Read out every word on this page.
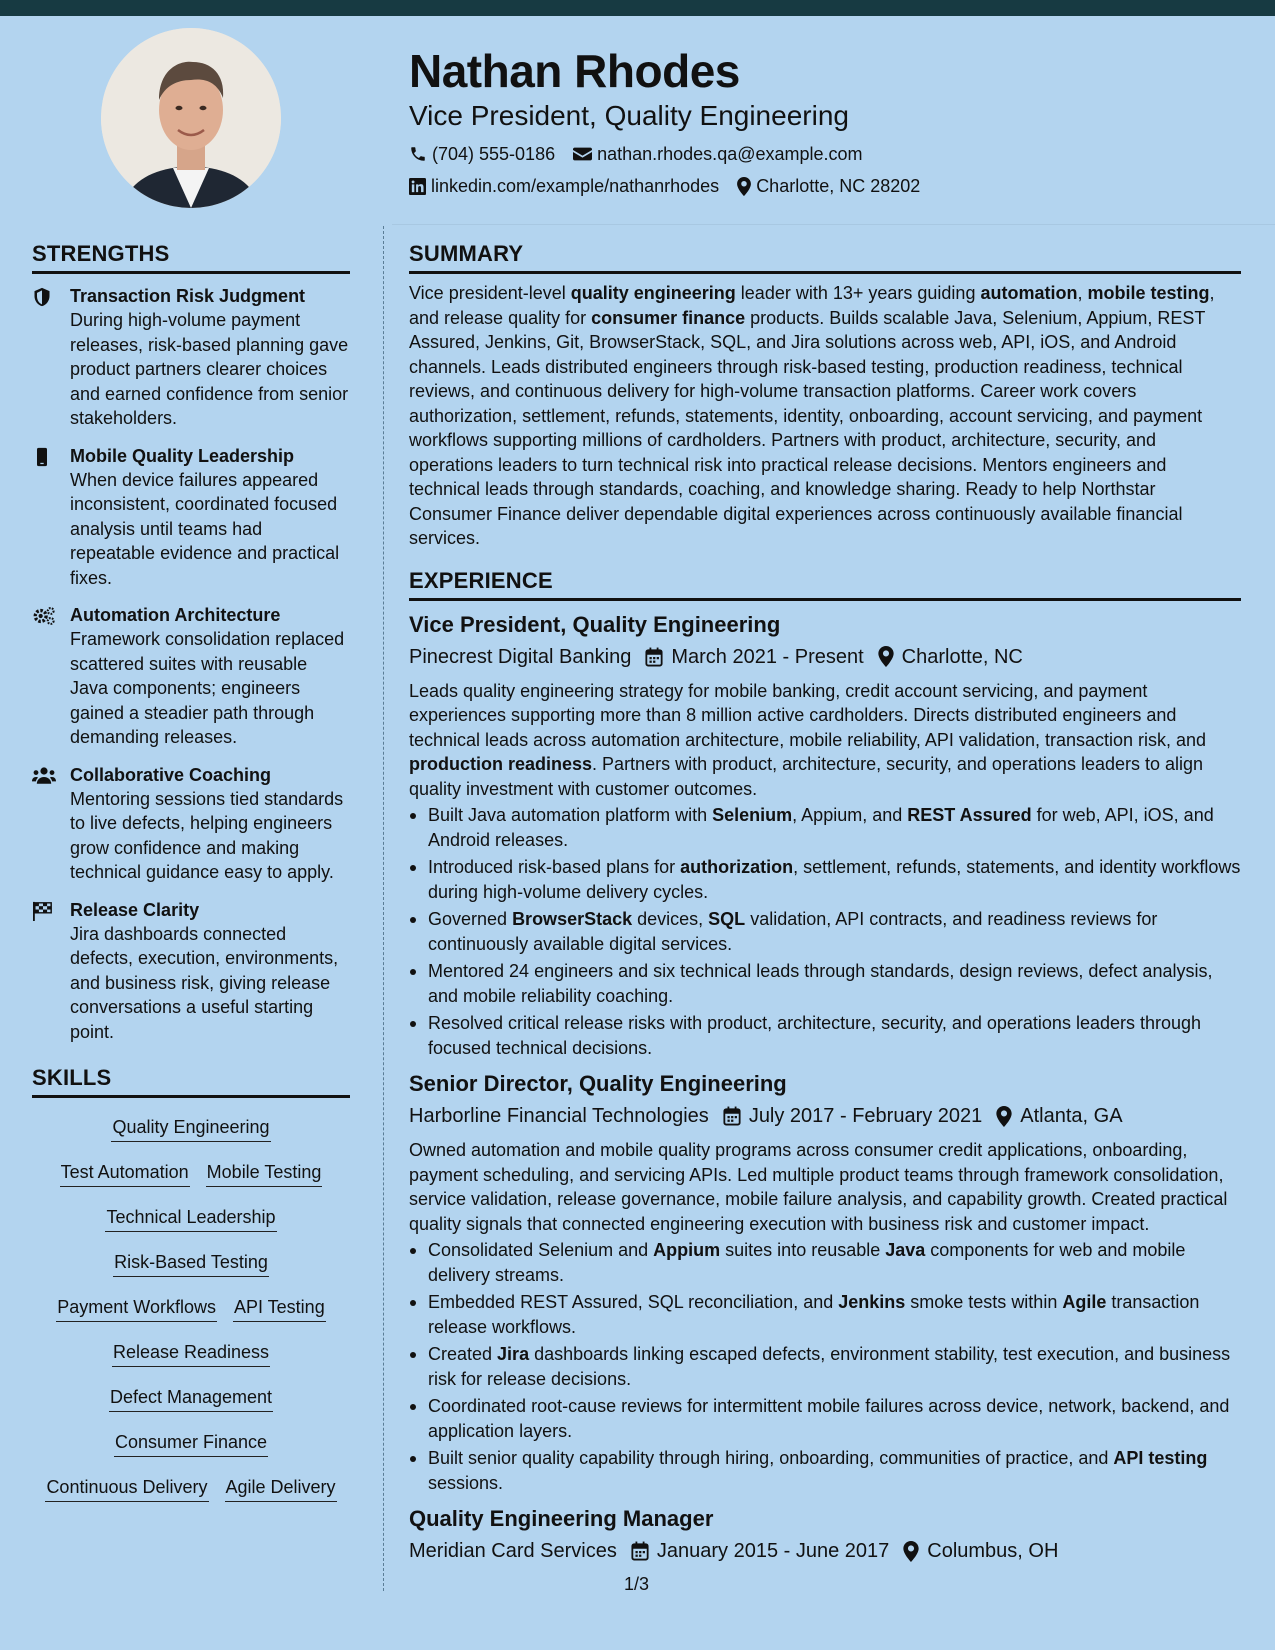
Nathan Rhodes
Vice President, Quality Engineering
(704) 555-0186 nathan.rhodes.qa@example.com
linkedin.com/example/nathanrhodes Charlotte, NC 28202
STRENGTHS
Transaction Risk Judgment
During high-volume payment releases, risk-based planning gave product partners clearer choices and earned confidence from senior stakeholders.
Mobile Quality Leadership
When device failures appeared inconsistent, coordinated focused analysis until teams had repeatable evidence and practical fixes.
Automation Architecture
Framework consolidation replaced scattered suites with reusable Java components; engineers gained a steadier path through demanding releases.
Collaborative Coaching
Mentoring sessions tied standards to live defects, helping engineers grow confidence and making technical guidance easy to apply.
Release Clarity
Jira dashboards connected defects, execution, environments, and business risk, giving release conversations a useful starting point.
SKILLS
Quality Engineering
Test Automation Mobile Testing
Technical Leadership
Risk-Based Testing
Payment Workflows API Testing
Release Readiness
Defect Management
Consumer Finance
Continuous Delivery Agile Delivery
SUMMARY
Vice president-level quality engineering leader with 13+ years guiding automation, mobile testing, and release quality for consumer finance products. Builds scalable Java, Selenium, Appium, REST Assured, Jenkins, Git, BrowserStack, SQL, and Jira solutions across web, API, iOS, and Android channels. Leads distributed engineers through risk-based testing, production readiness, technical reviews, and continuous delivery for high-volume transaction platforms. Career work covers authorization, settlement, refunds, statements, identity, onboarding, account servicing, and payment workflows supporting millions of cardholders. Partners with product, architecture, security, and operations leaders to turn technical risk into practical release decisions. Mentors engineers and technical leads through standards, coaching, and knowledge sharing. Ready to help Northstar Consumer Finance deliver dependable digital experiences across continuously available financial services.
EXPERIENCE
Vice President, Quality Engineering
Pinecrest Digital Banking March 2021 - Present Charlotte, NC
Leads quality engineering strategy for mobile banking, credit account servicing, and payment experiences supporting more than 8 million active cardholders. Directs distributed engineers and technical leads across automation architecture, mobile reliability, API validation, transaction risk, and production readiness. Partners with product, architecture, security, and operations leaders to align quality investment with customer outcomes.
Built Java automation platform with Selenium, Appium, and REST Assured for web, API, iOS, and Android releases.
Introduced risk-based plans for authorization, settlement, refunds, statements, and identity workflows during high-volume delivery cycles.
Governed BrowserStack devices, SQL validation, API contracts, and readiness reviews for continuously available digital services.
Mentored 24 engineers and six technical leads through standards, design reviews, defect analysis, and mobile reliability coaching.
Resolved critical release risks with product, architecture, security, and operations leaders through focused technical decisions.
Senior Director, Quality Engineering
Harborline Financial Technologies July 2017 - February 2021 Atlanta, GA
Owned automation and mobile quality programs across consumer credit applications, onboarding, payment scheduling, and servicing APIs. Led multiple product teams through framework consolidation, service validation, release governance, mobile failure analysis, and capability growth. Created practical quality signals that connected engineering execution with business risk and customer impact.
Consolidated Selenium and Appium suites into reusable Java components for web and mobile delivery streams.
Embedded REST Assured, SQL reconciliation, and Jenkins smoke tests within Agile transaction release workflows.
Created Jira dashboards linking escaped defects, environment stability, test execution, and business risk for release decisions.
Coordinated root-cause reviews for intermittent mobile failures across device, network, backend, and application layers.
Built senior quality capability through hiring, onboarding, communities of practice, and API testing sessions.
Quality Engineering Manager
Meridian Card Services January 2015 - June 2017 Columbus, OH
1/3
